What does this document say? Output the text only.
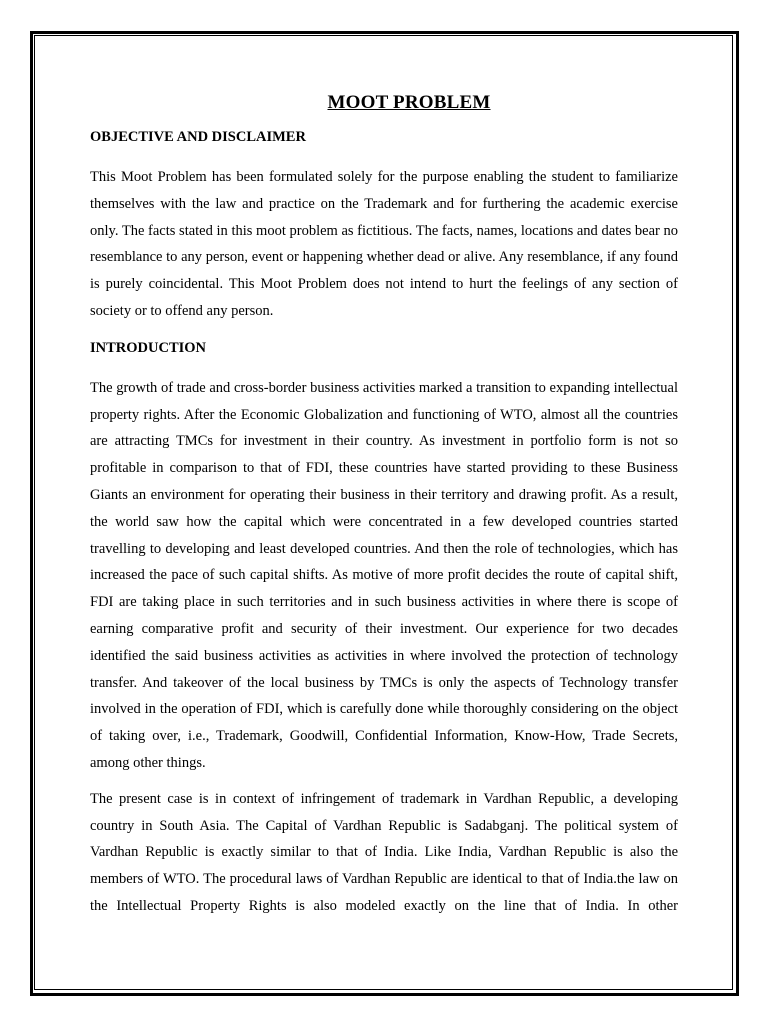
MOOT PROBLEM
OBJECTIVE AND DISCLAIMER

This Moot Problem has been formulated solely for the purpose enabling the student to familiarize themselves with the law and practice on the Trademark and for furthering the academic exercise only. The facts stated in this moot problem as fictitious. The facts, names, locations and dates bear no resemblance to any person, event or happening whether dead or alive. Any resemblance, if any found is purely coincidental. This Moot Problem does not intend to hurt the feelings of any section of society or to offend any person.

INTRODUCTION

The growth of trade and cross-border business activities marked a transition to expanding intellectual property rights. After the Economic Globalization and functioning of WTO, almost all the countries are attracting TMCs for investment in their country. As investment in portfolio form is not so profitable in comparison to that of FDI, these countries have started providing to these Business Giants an environment for operating their business in their territory and drawing profit. As a result, the world saw how the capital which were concentrated in a few developed countries started travelling to developing and least developed countries. And then the role of technologies, which has increased the pace of such capital shifts. As motive of more profit decides the route of capital shift, FDI are taking place in such territories and in such business activities in where there is scope of earning comparative profit and security of their investment. Our experience for two decades identified the said business activities as activities in where involved the protection of technology transfer. And takeover of the local business by TMCs is only the aspects of Technology transfer involved in the operation of FDI, which is carefully done while thoroughly considering on the object of taking over, i.e., Trademark, Goodwill, Confidential Information, Know-How, Trade Secrets, among other things.

The present case is in context of infringement of trademark in Vardhan Republic, a developing country in South Asia. The Capital of Vardhan Republic is Sadabganj. The political system of Vardhan Republic is exactly similar to that of India. Like India, Vardhan Republic is also the members of WTO. The procedural laws of Vardhan Republic are identical to that of India.the law on the Intellectual Property Rights is also modeled exactly on the line that of India. In other
